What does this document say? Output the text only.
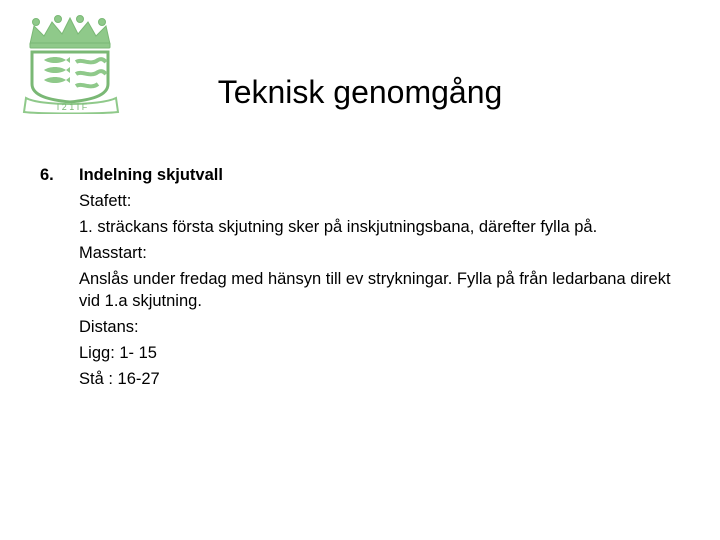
I 2 1 I F	Teknisk genomgång
6.	Indelning skjutvall

Stafett:

1. sträckans första skjutning sker på inskjutningsbana, därefter fylla på.

Masstart:

Anslås under fredag med hänsyn till ev strykningar. Fylla på från ledarbana direkt vid 1.a skjutning.

Distans:

Ligg: 1- 15

Stå : 16-27
